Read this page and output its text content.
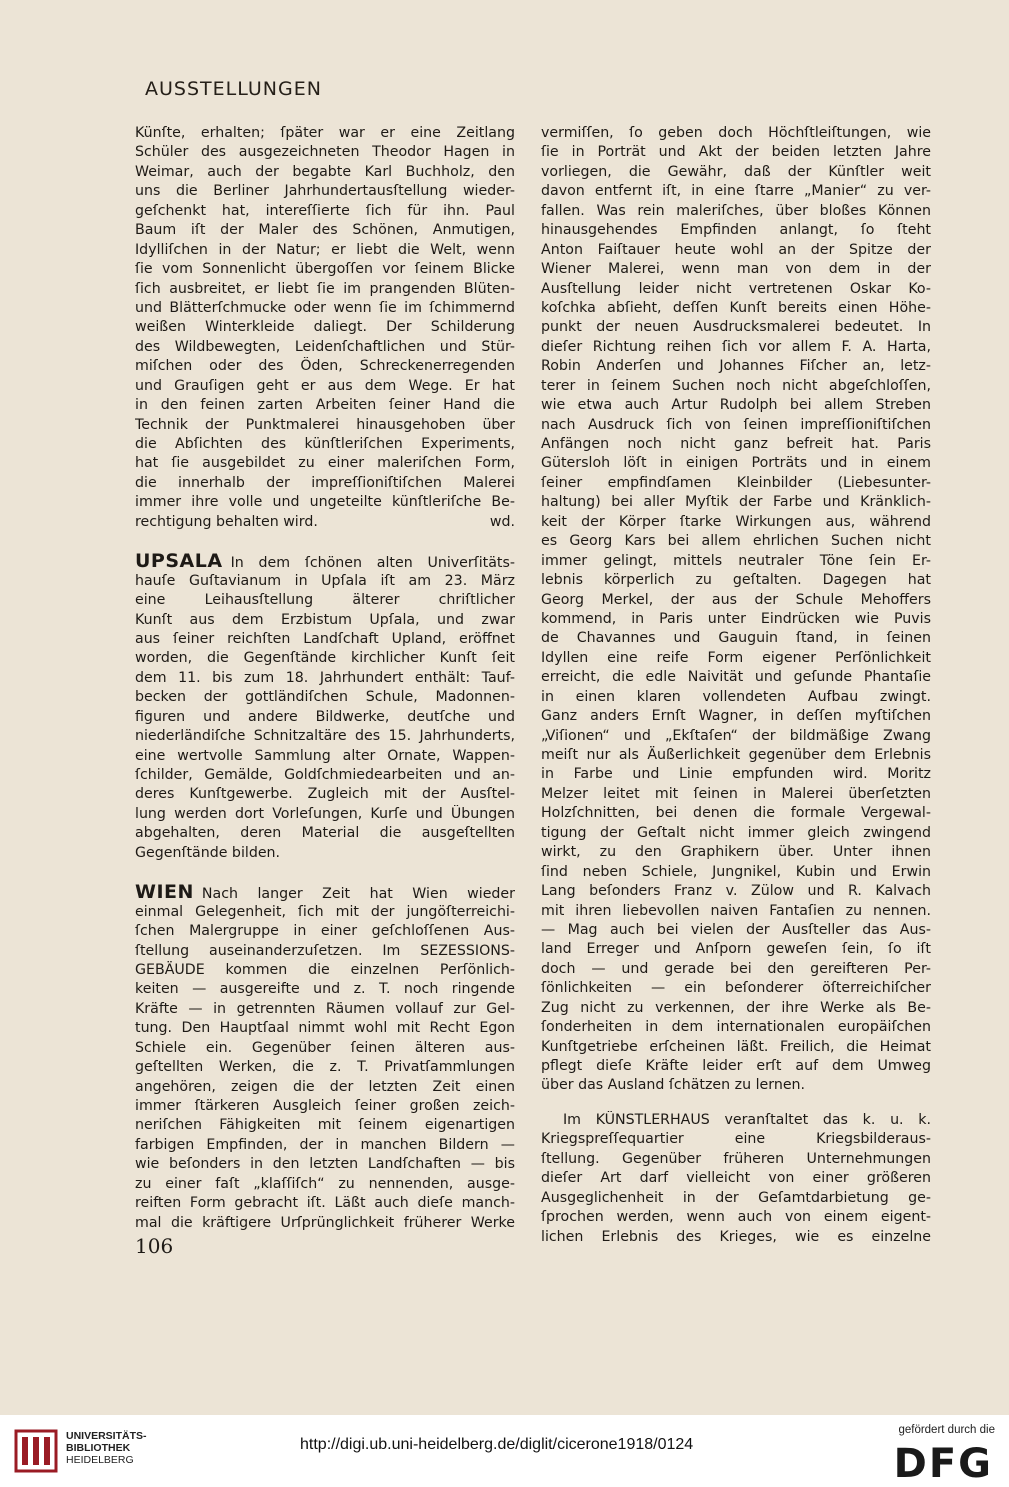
AUSSTELLUNGEN
Künſte, erhalten; ſpäter war er eine Zeitlang
Schüler des ausgezeichneten Theodor Hagen in
Weimar, auch der begabte Karl Buchholz, den
uns die Berliner Jahrhundertausſtellung wieder-
geſchenkt hat, intereſſierte ſich für ihn. Paul
Baum iſt der Maler des Schönen, Anmutigen,
Idylliſchen in der Natur; er liebt die Welt, wenn
ſie vom Sonnenlicht übergoſſen vor ſeinem Blicke
ſich ausbreitet, er liebt ſie im prangenden Blüten-
und Blätterſchmucke oder wenn ſie im ſchimmernd
weißen Winterkleide daliegt. Der Schilderung
des Wildbewegten, Leidenſchaftlichen und Stür-
miſchen oder des Öden, Schreckenerregenden
und Grauſigen geht er aus dem Wege. Er hat
in den feinen zarten Arbeiten ſeiner Hand die
Technik der Punktmalerei hinausgehoben über
die Abſichten des künſtleriſchen Experiments,
hat ſie ausgebildet zu einer maleriſchen Form,
die innerhalb der impreſſioniſtiſchen Malerei
immer ihre volle und ungeteilte künſtleriſche Be-
rechtigung behalten wird.	wd.
UPSALA In dem ſchönen alten Univerſitäts-
hauſe Guſtavianum in Upſala iſt am 23. März
eine Leihausſtellung älterer chriſtlicher
Kunſt aus dem Erzbistum Upſala, und zwar
aus ſeiner reichſten Landſchaft Upland, eröffnet
worden, die Gegenſtände kirchlicher Kunſt ſeit
dem 11. bis zum 18. Jahrhundert enthält: Tauf-
becken der gottländiſchen Schule, Madonnen-
figuren und andere Bildwerke, deutſche und
niederländiſche Schnitzaltäre des 15. Jahrhunderts,
eine wertvolle Sammlung alter Ornate, Wappen-
ſchilder, Gemälde, Goldſchmiedearbeiten und an-
deres Kunſtgewerbe. Zugleich mit der Ausſtel-
lung werden dort Vorleſungen, Kurſe und Übungen
abgehalten, deren Material die ausgeſtellten
Gegenſtände bilden.
WIEN Nach langer Zeit hat Wien wieder
einmal Gelegenheit, ſich mit der jungöſterreichi-
ſchen Malergruppe in einer geſchloſſenen Aus-
ſtellung auseinanderzuſetzen. Im SEZESSIONS-
GEBÄUDE kommen die einzelnen Perſönlich-
keiten — ausgereifte und z. T. noch ringende
Kräfte — in getrennten Räumen vollauf zur Gel-
tung. Den Hauptſaal nimmt wohl mit Recht Egon
Schiele ein. Gegenüber ſeinen älteren aus-
geſtellten Werken, die z. T. Privatſammlungen
angehören, zeigen die der letzten Zeit einen
immer ſtärkeren Ausgleich ſeiner großen zeich-
neriſchen Fähigkeiten mit ſeinem eigenartigen
farbigen Empfinden, der in manchen Bildern —
wie beſonders in den letzten Landſchaften — bis
zu einer faſt „klaſſiſch“ zu nennenden, ausge-
reiften Form gebracht iſt. Läßt auch dieſe manch-
mal die kräftigere Urſprünglichkeit früherer Werke
vermiſſen, ſo geben doch Höchſtleiſtungen, wie
ſie in Porträt und Akt der beiden letzten Jahre
vorliegen, die Gewähr, daß der Künſtler weit
davon entfernt iſt, in eine ſtarre „Manier“ zu ver-
fallen. Was rein maleriſches, über bloßes Können
hinausgehendes Empfinden anlangt, ſo ſteht
Anton Faiſtauer heute wohl an der Spitze der
Wiener Malerei, wenn man von dem in der
Ausſtellung leider nicht vertretenen Oskar Ko-
koſchka abſieht, deſſen Kunſt bereits einen Höhe-
punkt der neuen Ausdrucksmalerei bedeutet. In
dieſer Richtung reihen ſich vor allem F. A. Harta,
Robin Anderſen und Johannes Fiſcher an, letz-
terer in ſeinem Suchen noch nicht abgeſchloſſen,
wie etwa auch Artur Rudolph bei allem Streben
nach Ausdruck ſich von ſeinen impreſſioniſtiſchen
Anfängen noch nicht ganz befreit hat. Paris
Gütersloh löſt in einigen Porträts und in einem
ſeiner empfindſamen Kleinbilder (Liebesunter-
haltung) bei aller Myſtik der Farbe und Kränklich-
keit der Körper ſtarke Wirkungen aus, während
es Georg Kars bei allem ehrlichen Suchen nicht
immer gelingt, mittels neutraler Töne ſein Er-
lebnis körperlich zu geſtalten. Dagegen hat
Georg Merkel, der aus der Schule Mehoffers
kommend, in Paris unter Eindrücken wie Puvis
de Chavannes und Gauguin ſtand, in ſeinen
Idyllen eine reife Form eigener Perſönlichkeit
erreicht, die edle Naivität und geſunde Phantaſie
in einen klaren vollendeten Aufbau zwingt.
Ganz anders Ernſt Wagner, in deſſen myſtiſchen
„Viſionen“ und „Ekſtaſen“ der bildmäßige Zwang
meiſt nur als Äußerlichkeit gegenüber dem Erlebnis
in Farbe und Linie empfunden wird. Moritz
Melzer leitet mit ſeinen in Malerei überſetzten
Holzſchnitten, bei denen die formale Vergewal-
tigung der Geſtalt nicht immer gleich zwingend
wirkt, zu den Graphikern über. Unter ihnen
ſind neben Schiele, Jungnikel, Kubin und Erwin
Lang beſonders Franz v. Zülow und R. Kalvach
mit ihren liebevollen naiven Fantaſien zu nennen.
— Mag auch bei vielen der Ausſteller das Aus-
land Erreger und Anſporn geweſen ſein, ſo iſt
doch — und gerade bei den gereifteren Per-
ſönlichkeiten — ein beſonderer öſterreichiſcher
Zug nicht zu verkennen, der ihre Werke als Be-
ſonderheiten in dem internationalen europäiſchen
Kunſtgetriebe erſcheinen läßt. Freilich, die Heimat
pflegt dieſe Kräfte leider erſt auf dem Umweg
über das Ausland ſchätzen zu lernen.
Im KÜNSTLERHAUS veranſtaltet das k. u. k.
Kriegspreſſequartier eine Kriegsbilderaus-
ſtellung. Gegenüber früheren Unternehmungen
dieſer Art darf vielleicht von einer größeren
Ausgeglichenheit in der Geſamtdarbietung ge-
ſprochen werden, wenn auch von einem eigent-
lichen Erlebnis des Krieges, wie es einzelne
106
UNIVERSITÄTS-
BIBLIOTHEK
HEIDELBERG
http://digi.ub.uni-heidelberg.de/diglit/cicerone1918/0124
gefördert durch die
DFG
